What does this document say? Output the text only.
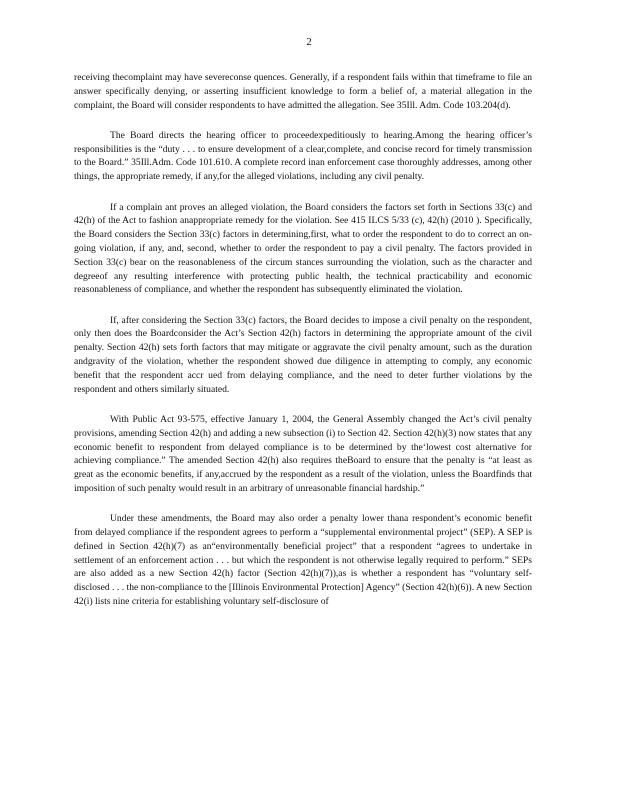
2

receiving thecomplaint may have severeconse quences. Generally, if a respondent fails within that timeframe to file an answer specifically denying, or asserting insufficient knowledge to form a belief of, a material allegation in the complaint, the Board will consider respondents to have admitted the allegation. See 35Ill. Adm. Code 103.204(d).

The Board directs the hearing officer to proceedexpeditiously to hearing.Among the hearing officer’s responsibilities is the “duty . . . to ensure development of a clear,complete, and concise record for timely transmission to the Board.” 35Ill.Adm. Code 101.610. A complete record inan enforcement case thoroughly addresses, among other things, the appropriate remedy, if any,for the alleged violations, including any civil penalty.

If a complain ant proves an alleged violation, the Board considers the factors set forth in Sections 33(c) and 42(h) of the Act to fashion anappropriate remedy for the violation. See 415 ILCS 5/33 (c), 42(h) (2010 ). Specifically, the Board considers the Section 33(c) factors in determining,first, what to order the respondent to do to correct an on-going violation, if any, and, second, whether to order the respondent to pay a civil penalty. The factors provided in Section 33(c) bear on the reasonableness of the circum stances surrounding the violation, such as the character and degreeof any resulting interference with protecting public health, the technical practicability and economic reasonableness of compliance, and whether the respondent has subsequently eliminated the violation.

If, after considering the Section 33(c) factors, the Board decides to impose a civil penalty on the respondent, only then does the Boardconsider the Act’s Section 42(h) factors in determining the appropriate amount of the civil penalty. Section 42(h) sets forth factors that may mitigate or aggravate the civil penalty amount, such as the duration andgravity of the violation, whether the respondent showed due diligence in attempting to comply, any economic benefit that the respondent accr ued from delaying compliance, and the need to deter further violations by the respondent and others similarly situated.

With Public Act 93-575, effective January 1, 2004, the General Assembly changed the Act’s civil penalty provisions, amending Section 42(h) and adding a new subsection (i) to Section 42. Section 42(h)(3) now states that any economic benefit to respondent from delayed compliance is to be determined by the‘lowest cost alternative for achieving compliance.” The amended Section 42(h) also requires theBoard to ensure that the penalty is “at least as great as the economic benefits, if any,accrued by the respondent as a result of the violation, unless the Boardfinds that imposition of such penalty would result in an arbitrary of unreasonable financial hardship.”

Under these amendments, the Board may also order a penalty lower thana respondent’s economic benefit from delayed compliance if the respondent agrees to perform a “supplemental environmental project” (SEP). A SEP is defined in Section 42(h)(7) as an“environmentally beneficial project” that a respondent “agrees to undertake in settlement of an enforcement action . . . but which the respondent is not otherwise legally required to perform.” SEPs are also added as a new Section 42(h) factor (Section 42(h)(7)),as is whether a respondent has “voluntary self-disclosed . . . the non-compliance to the [Illinois Environmental Protection] Agency” (Section 42(h)(6)). A new Section 42(i) lists nine criteria for establishing voluntary self-disclosure of
